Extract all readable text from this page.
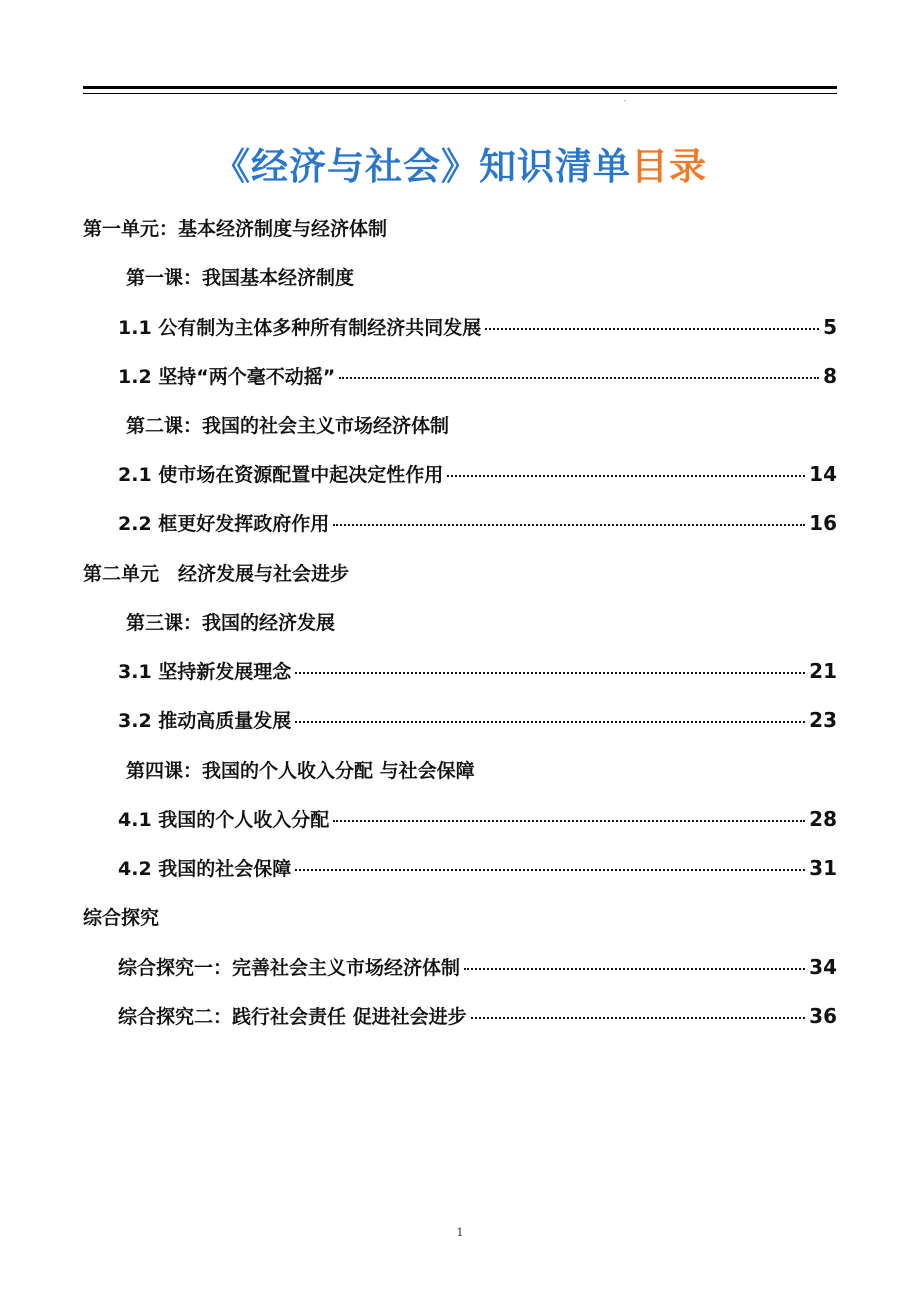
,
《经济与社会》知识清单目录
第一单元：基本经济制度与经济体制
第一课：我国基本经济制度
1.1 公有制为主体多种所有制经济共同发展	5
1.2 坚持“两个毫不动摇”	8
第二课：我国的社会主义市场经济体制
2.1 使市场在资源配置中起决定性作用	14
2.2 框更好发挥政府作用	16
第二单元　经济发展与社会进步
第三课：我国的经济发展
3.1 坚持新发展理念	21
3.2 推动高质量发展	23
第四课：我国的个人收入分配 与社会保障
4.1 我国的个人收入分配	28
4.2 我国的社会保障	31
综合探究
综合探究一：完善社会主义市场经济体制	34
综合探究二：践行社会责任 促进社会进步	36
1
